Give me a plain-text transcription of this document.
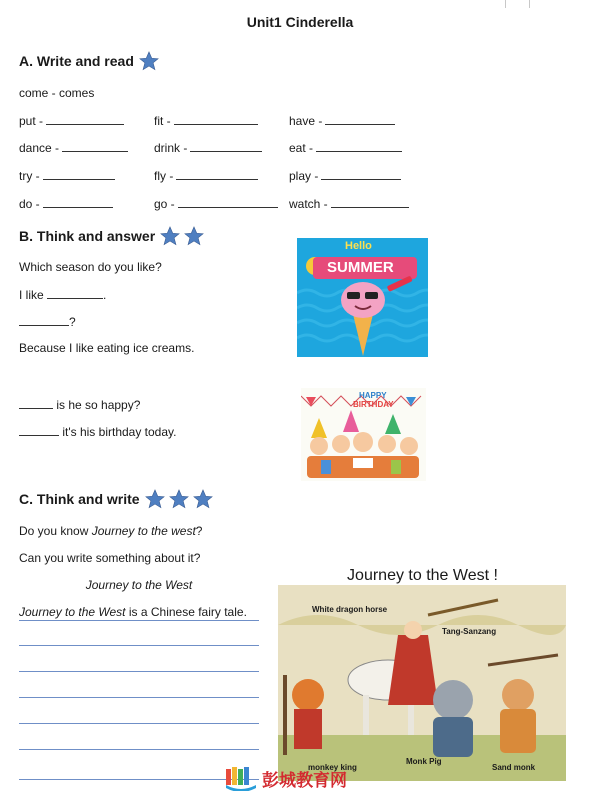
Unit1 Cinderella
A. Write and read
come - comes
put -	fit -	have -
dance -	drink -	eat -
try -	fly -	play -
do -	go -	watch -
B. Think and answer
Which season do you like?
I like	.
?
Because I like eating ice creams.
is he so happy?
it's his birthday today.
Hello
SUMMER
HAPPY
BIRTHDAY
C. Think and write
Do you know Journey to the west?
Can you write something about it?
Journey to the West
Journey to the West is a Chinese fairy tale.
Journey to the West !
White dragon horse
Tang-Sanzang
monkey king
Monk Pig
Sand monk
彭城教育网
